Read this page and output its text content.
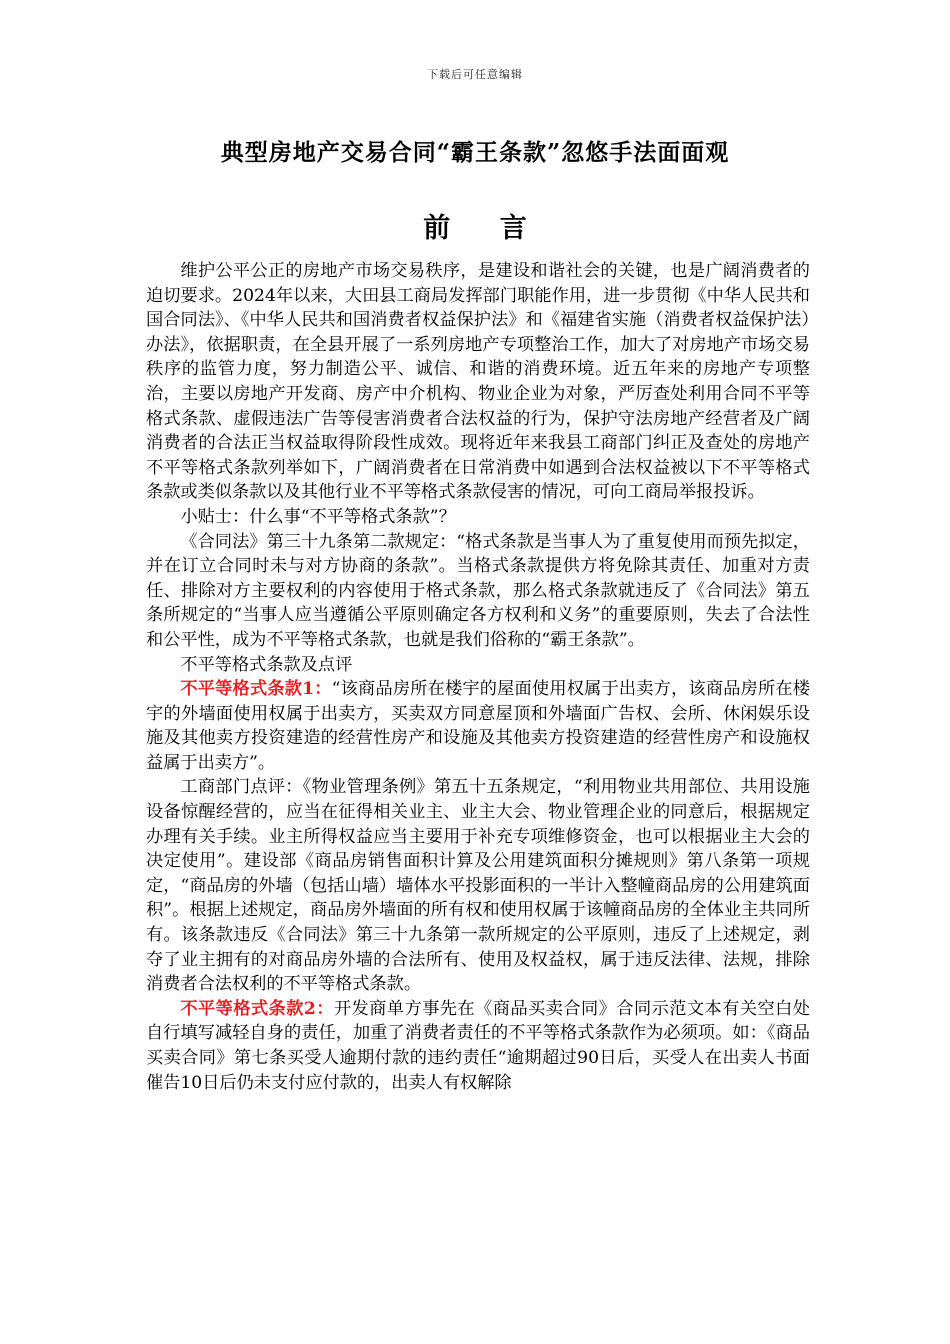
下载后可任意编辑
典型房地产交易合同“霸王条款”忽悠手法面面观
前 言

维护公平公正的房地产市场交易秩序，是建设和谐社会的关键，也是广阔消费者的迫切要求。2024年以来，大田县工商局发挥部门职能作用，进一步贯彻《中华人民共和国合同法》、《中华人民共和国消费者权益保护法》和《福建省实施（消费者权益保护法）办法》，依据职责，在全县开展了一系列房地产专项整治工作，加大了对房地产市场交易秩序的监管力度，努力制造公平、诚信、和谐的消费环境。近五年来的房地产专项整治，主要以房地产开发商、房产中介机构、物业企业为对象，严厉查处利用合同不平等格式条款、虚假违法广告等侵害消费者合法权益的行为，保护守法房地产经营者及广阔消费者的合法正当权益取得阶段性成效。现将近年来我县工商部门纠正及查处的房地产不平等格式条款列举如下，广阔消费者在日常消费中如遇到合法权益被以下不平等格式条款或类似条款以及其他行业不平等格式条款侵害的情况，可向工商局举报投诉。

小贴士：什么事“不平等格式条款”？

《合同法》第三十九条第二款规定：“格式条款是当事人为了重复使用而预先拟定，并在订立合同时未与对方协商的条款”。当格式条款提供方将免除其责任、加重对方责任、排除对方主要权利的内容使用于格式条款，那么格式条款就违反了《合同法》第五条所规定的“当事人应当遵循公平原则确定各方权利和义务”的重要原则，失去了合法性和公平性，成为不平等格式条款，也就是我们俗称的“霸王条款”。

不平等格式条款及点评

不平等格式条款1：“该商品房所在楼宇的屋面使用权属于出卖方，该商品房所在楼宇的外墙面使用权属于出卖方，买卖双方同意屋顶和外墙面广告权、会所、休闲娱乐设施及其他卖方投资建造的经营性房产和设施及其他卖方投资建造的经营性房产和设施权益属于出卖方”。

工商部门点评：《物业管理条例》第五十五条规定，“利用物业共用部位、共用设施设备惊醒经营的，应当在征得相关业主、业主大会、物业管理企业的同意后，根据规定办理有关手续。业主所得权益应当主要用于补充专项维修资金，也可以根据业主大会的决定使用”。建设部《商品房销售面积计算及公用建筑面积分摊规则》第八条第一项规定，“商品房的外墙（包括山墙）墙体水平投影面积的一半计入整幢商品房的公用建筑面积”。根据上述规定，商品房外墙面的所有权和使用权属于该幢商品房的全体业主共同所有。该条款违反《合同法》第三十九条第一款所规定的公平原则，违反了上述规定，剥夺了业主拥有的对商品房外墙的合法所有、使用及权益权，属于违反法律、法规，排除消费者合法权利的不平等格式条款。

不平等格式条款2：开发商单方事先在《商品买卖合同》合同示范文本有关空白处自行填写减轻自身的责任，加重了消费者责任的不平等格式条款作为必须项。如：《商品买卖合同》第七条买受人逾期付款的违约责任“逾期超过90日后，买受人在出卖人书面催告10日后仍未支付应付款的，出卖人有权解除
